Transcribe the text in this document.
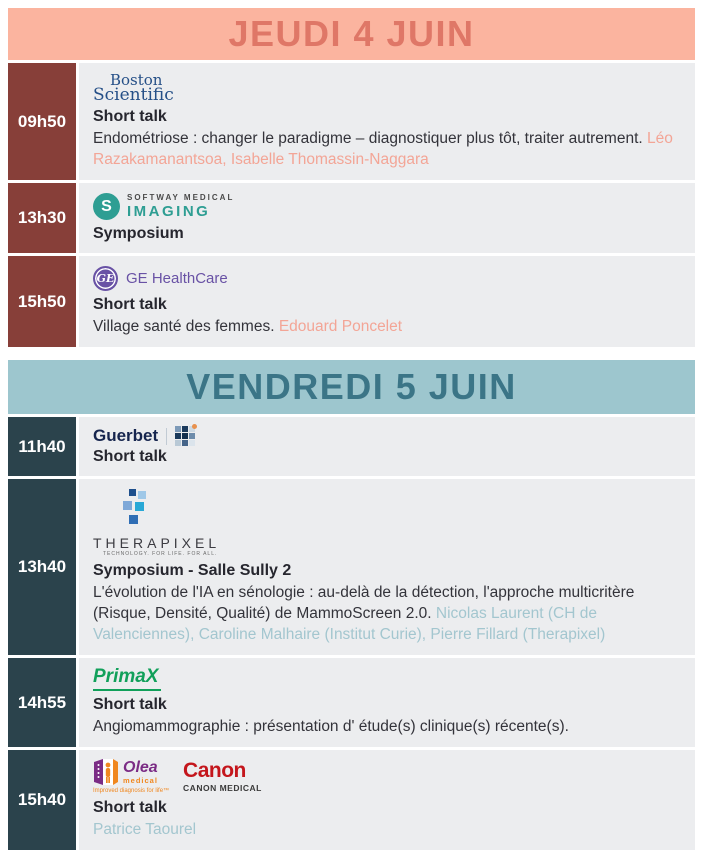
JEUDI 4 JUIN
09h50
Boston
Scientific
Short talk

Endométriose : changer le paradigme – diagnostiquer plus tôt, traiter autrement. Léo Razakamanantsoa, Isabelle Thomassin-Naggara

13h30
S	SOFTWAY MEDICAL
IMAGING
Symposium
15h50
GE GE HealthCare
Short talk

Village santé des femmes. Edouard Poncelet

VENDREDI 5 JUIN
11h40
Guerbet
Short talk
13h40
THERAPIXEL
TECHNOLOGY. FOR LIFE. FOR ALL.
Symposium - Salle Sully 2

L'évolution de l'IA en sénologie : au-delà de la détection, l'approche multicritère (Risque, Densité, Qualité) de MammoScreen 2.0. Nicolas Laurent (CH de Valenciennes), Caroline Malhaire (Institut Curie), Pierre Fillard (Therapixel)

14h55
PrimaX
Short talk

Angiomammographie : présentation d' étude(s) clinique(s) récente(s).

15h40
Olea
medical
Improved diagnosis for life™
Canon
CANON MEDICAL
Short talk

Patrice Taourel
